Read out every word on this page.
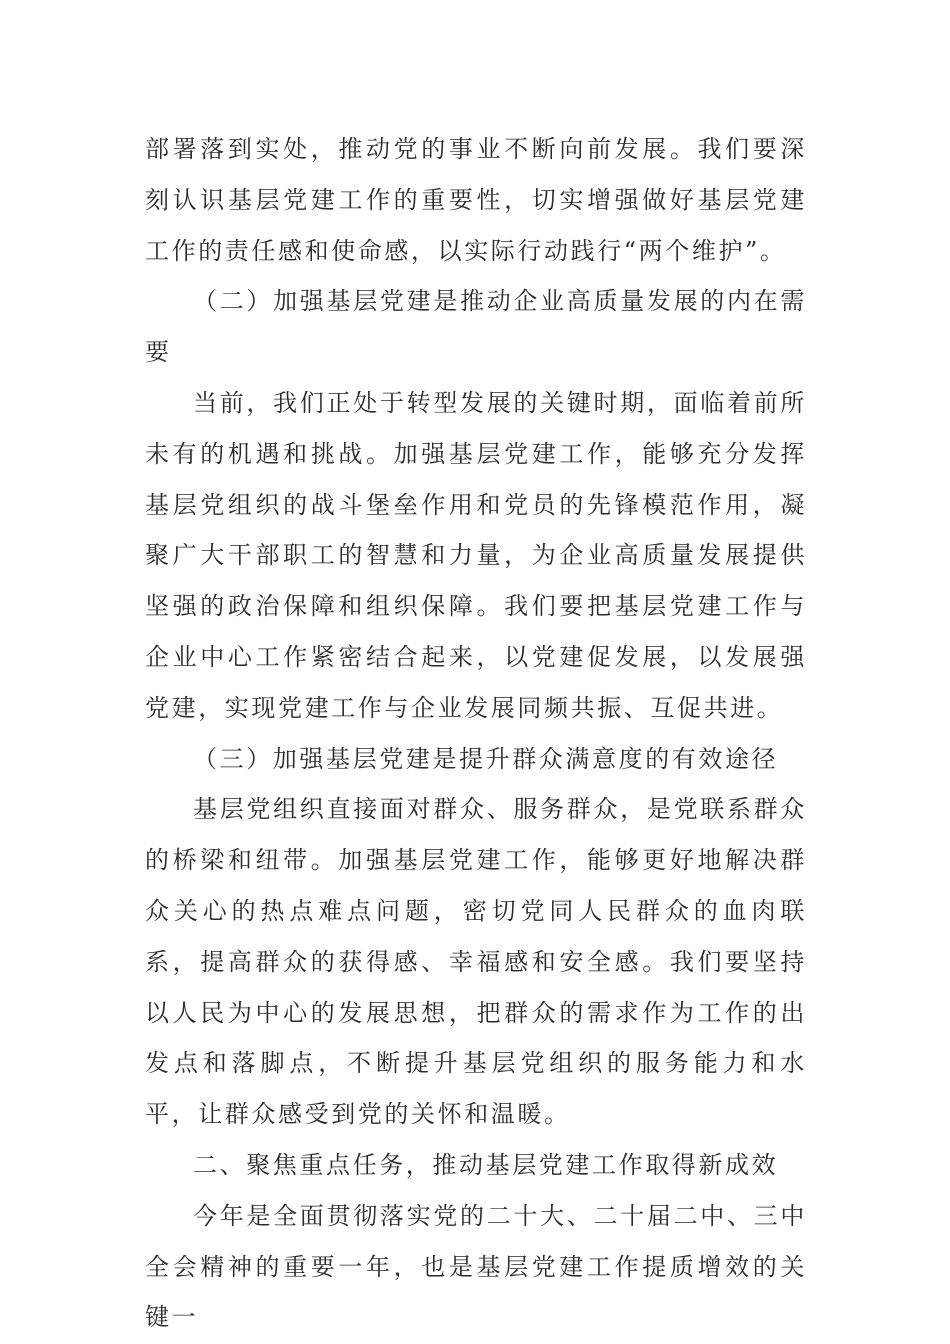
部署落到实处，推动党的事业不断向前发展。我们要深刻认识基层党建工作的重要性，切实增强做好基层党建工作的责任感和使命感，以实际行动践行“两个维护”。

（二）加强基层党建是推动企业高质量发展的内在需要

当前，我们正处于转型发展的关键时期，面临着前所未有的机遇和挑战。加强基层党建工作，能够充分发挥基层党组织的战斗堡垒作用和党员的先锋模范作用，凝聚广大干部职工的智慧和力量，为企业高质量发展提供坚强的政治保障和组织保障。我们要把基层党建工作与企业中心工作紧密结合起来，以党建促发展，以发展强党建，实现党建工作与企业发展同频共振、互促共进。

（三）加强基层党建是提升群众满意度的有效途径

基层党组织直接面对群众、服务群众，是党联系群众的桥梁和纽带。加强基层党建工作，能够更好地解决群众关心的热点难点问题，密切党同人民群众的血肉联系，提高群众的获得感、幸福感和安全感。我们要坚持以人民为中心的发展思想，把群众的需求作为工作的出发点和落脚点，不断提升基层党组织的服务能力和水平，让群众感受到党的关怀和温暖。

二、聚焦重点任务，推动基层党建工作取得新成效

今年是全面贯彻落实党的二十大、二十届二中、三中全会精神的重要一年，也是基层党建工作提质增效的关键一
